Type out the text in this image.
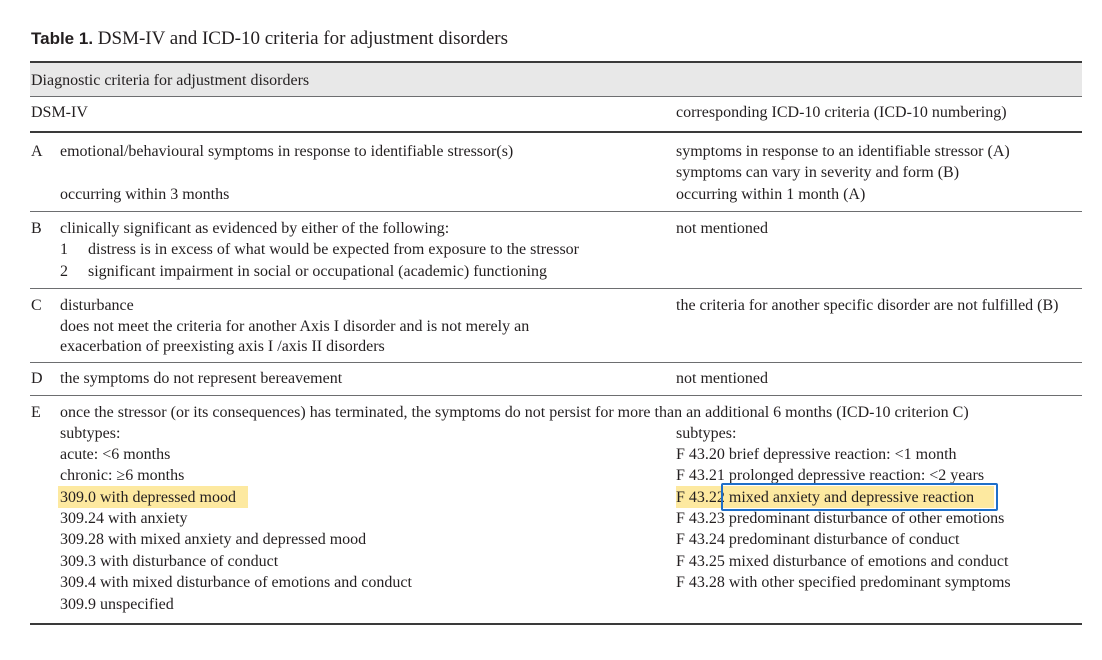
Table 1. DSM-IV and ICD-10 criteria for adjustment disorders
Diagnostic criteria for adjustment disorders
DSM-IV	corresponding ICD-10 criteria (ICD-10 numbering)
A emotional/behavioural symptoms in response to identifiable stressor(s)
occurring within 3 months
symptoms in response to an identifiable stressor (A)
symptoms can vary in severity and form (B)
occurring within 1 month (A)
B clinically significant as evidenced by either of the following:
1 distress is in excess of what would be expected from exposure to the stressor
2 significant impairment in social or occupational (academic) functioning
not mentioned
C disturbance
does not meet the criteria for another Axis I disorder and is not merely an
exacerbation of preexisting axis I /axis II disorders
the criteria for another specific disorder are not fulfilled (B)
D the symptoms do not represent bereavement	not mentioned
E once the stressor (or its consequences) has terminated, the symptoms do not persist for more than an additional 6 months (ICD-10 criterion C)
subtypes:
acute: <6 months
chronic: ≥6 months
309.0 with depressed mood
309.24 with anxiety
309.28 with mixed anxiety and depressed mood
309.3 with disturbance of conduct
309.4 with mixed disturbance of emotions and conduct
309.9 unspecified
subtypes:
F 43.20 brief depressive reaction: <1 month
F 43.21 prolonged depressive reaction: <2 years
F 43.22 mixed anxiety and depressive reaction
F 43.23 predominant disturbance of other emotions
F 43.24 predominant disturbance of conduct
F 43.25 mixed disturbance of emotions and conduct
F 43.28 with other specified predominant symptoms
